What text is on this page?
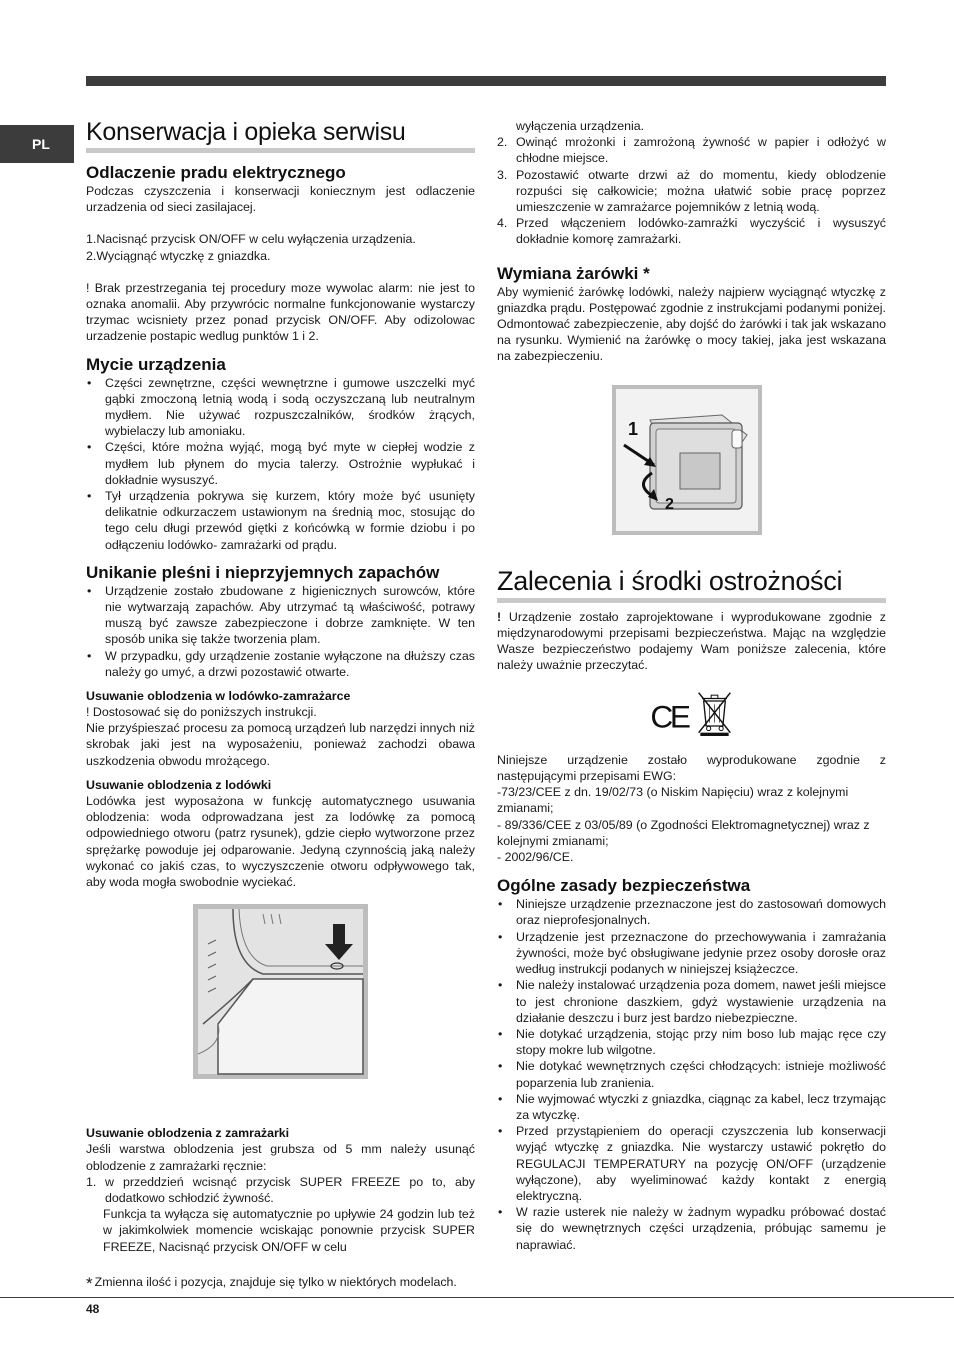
PL	Konserwacja i opieka serwisu
Odlaczenie pradu elektrycznego

Podczas czyszczenia i konserwacji koniecznym jest odlaczenie urzadzenia od sieci zasilajacej.

1.Nacisnąć przycisk ON/OFF w celu wyłączenia urządzenia.

2.Wyciągnąć wtyczkę z gniazdka.

! Brak przestrzegania tej procedury moze wywolac alarm: nie jest to oznaka anomalii. Aby przywrócic normalne funkcjonowanie wystarczy trzymac wcisniety przez ponad przycisk ON/OFF. Aby odizolowac urzadzenie postapic wedlug punktów 1 i 2.

Mycie urządzenia
• Części zewnętrzne, części wewnętrzne i gumowe uszczelki myć gąbki zmoczoną letnią wodą i sodą oczyszczaną lub neutralnym mydłem. Nie używać rozpuszczalników, środków żrących, wybielaczy lub amoniaku.
• Części, które można wyjąć, mogą być myte w ciepłej wodzie z mydłem lub płynem do mycia talerzy. Ostrożnie wypłukać i dokładnie wysuszyć.
• Tył urządzenia pokrywa się kurzem, który może być usunięty delikatnie odkurzaczem ustawionym na średnią moc, stosując do tego celu długi przewód giętki z końcówką w formie dziobu i po odłączeniu lodówko- zamrażarki od prądu.
Unikanie pleśni i nieprzyjemnych zapachów
• Urządzenie zostało zbudowane z higienicznych surowców, które nie wytwarzają zapachów. Aby utrzymać tą właściwość, potrawy muszą być zawsze zabezpieczone i dobrze zamknięte. W ten sposób unika się także tworzenia plam.
• W przypadku, gdy urządzenie zostanie wyłączone na dłuższy czas należy go umyć, a drzwi pozostawić otwarte.
Usuwanie oblodzenia w lodówko-zamrażarce

! Dostosować się do poniższych instrukcji.

Nie przyśpieszać procesu za pomocą urządzeń lub narzędzi innych niż skrobak jaki jest na wyposażeniu, ponieważ zachodzi obawa uszkodzenia obwodu mrożącego.

Usuwanie oblodzenia z lodówki

Lodówka jest wyposażona w funkcję automatycznego usuwania oblodzenia: woda odprowadzana jest za lodówkę za pomocą odpowiedniego otworu (patrz rysunek), gdzie ciepło wytworzone przez sprężarkę powoduje jej odparowanie. Jedyną czynnością jaką należy wykonać co jakiś czas, to wyczyszczenie otworu odpływowego tak, aby woda mogła swobodnie wyciekać.

Usuwanie oblodzenia z zamrażarki

Jeśli warstwa oblodzenia jest grubsza od 5 mm należy usunąć oblodzenie z zamrażarki ręcznie:

1. w przeddzień wcisnąć przycisk SUPER FREEZE po to, aby dodatkowo schłodzić żywność.

Funkcja ta wyłącza się automatycznie po upływie 24 godzin lub też w jakimkolwiek momencie wciskając ponownie przycisk SUPER FREEZE, Nacisnąć przycisk ON/OFF w celu

* Zmienna ilość i pozycja, znajduje się tylko w niektórych modelach.

wyłączenia urządzenia.

2. Owinąć mrożonki i zamrożoną żywność w papier i odłożyć w chłodne miejsce.
3. Pozostawić otwarte drzwi aż do momentu, kiedy oblodzenie rozpuści się całkowicie; można ułatwić sobie pracę poprzez umieszczenie w zamrażarce pojemników z letnią wodą.
4. Przed włączeniem lodówko-zamrażki wyczyścić i wysuszyć dokładnie komorę zamrażarki.
Wymiana żarówki *

Aby wymienić żarówkę lodówki, należy najpierw wyciągnąć wtyczkę z gniazdka prądu. Postępować zgodnie z instrukcjami podanymi poniżej. Odmontować zabezpieczenie, aby dojść do żarówki i tak jak wskazano na rysunku. Wymienić na żarówkę o mocy takiej, jaka jest wskazana na zabezpieczeniu.

1
2
Zalecenia i środki ostrożności

! Urządzenie zostało zaprojektowane i wyprodukowane zgodnie z międzynarodowymi przepisami bezpieczeństwa. Mając na względzie Wasze bezpieczeństwo podajemy Wam poniższe zalecenia, które należy uważnie przeczytać.

CE

Niniejsze urządzenie zostało wyprodukowane zgodnie z następującymi przepisami EWG:

-73/23/CEE z dn. 19/02/73 (o Niskim Napięciu) wraz z kolejnymi zmianami;

- 89/336/CEE z 03/05/89 (o Zgodności Elektromagnetycznej) wraz z kolejnymi zmianami;

- 2002/96/CE.

Ogólne zasady bezpieczeństwa
• Niniejsze urządzenie przeznaczone jest do zastosowań domowych oraz nieprofesjonalnych.
• Urządzenie jest przeznaczone do przechowywania i zamrażania żywności, może być obsługiwane jedynie przez osoby dorosłe oraz według instrukcji podanych w niniejszej książeczce.
• Nie należy instalować urządzenia poza domem, nawet jeśli miejsce to jest chronione daszkiem, gdyż wystawienie urządzenia na działanie deszczu i burz jest bardzo niebezpieczne.
• Nie dotykać urządzenia, stojąc przy nim boso lub mając ręce czy stopy mokre lub wilgotne.
• Nie dotykać wewnętrznych części chłodzących: istnieje możliwość poparzenia lub zranienia.
• Nie wyjmować wtyczki z gniazdka, ciągnąc za kabel, lecz trzymając za wtyczkę.
• Przed przystąpieniem do operacji czyszczenia lub konserwacji wyjąć wtyczkę z gniazdka. Nie wystarczy ustawić pokrętło do REGULACJI TEMPERATURY na pozycję ON/OFF (urządzenie wyłączone), aby wyeliminować każdy kontakt z energią elektryczną.
• W razie usterek nie należy w żadnym wypadku próbować dostać się do wewnętrznych części urządzenia, próbując samemu je naprawiać.
48
